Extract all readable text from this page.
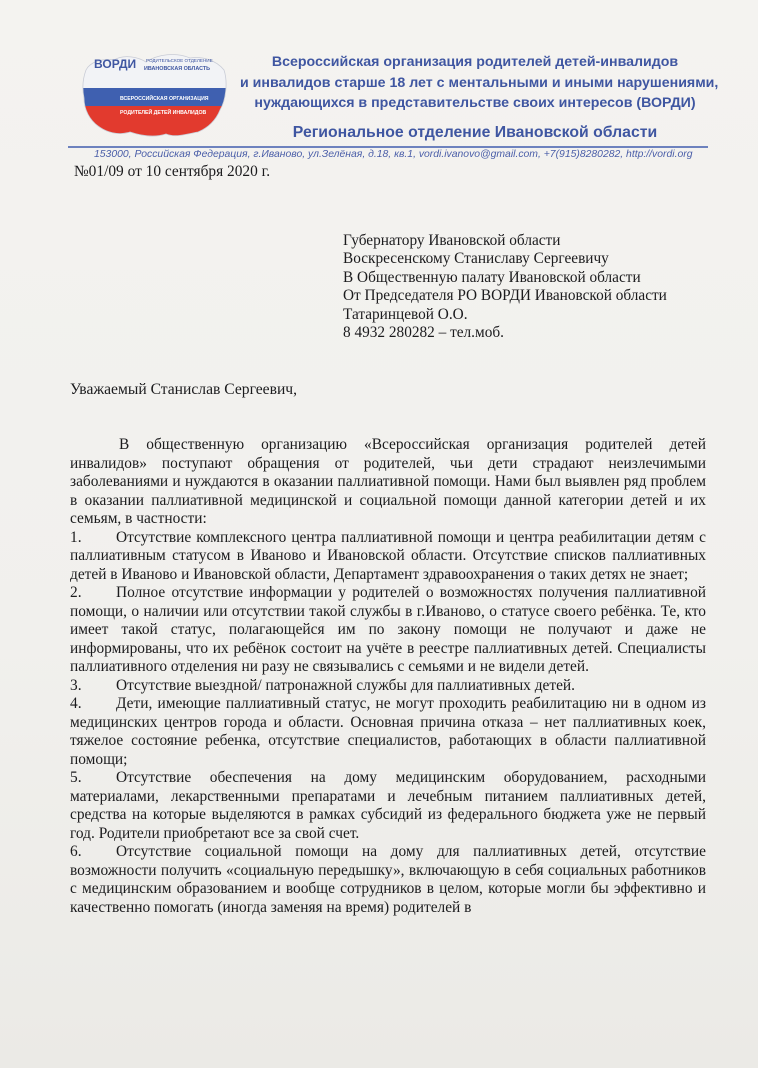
ВОРДИ РОДИТЕЛЬСКОЕ ОТДЕЛЕНИЕ
ИВАНОВСКАЯ ОБЛАСТЬ
ВСЕРОССИЙСКАЯ ОРГАНИЗАЦИЯ
РОДИТЕЛЕЙ ДЕТЕЙ ИНВАЛИДОВ
Всероссийская организация родителей детей-инвалидов
и инвалидов старше 18 лет с ментальными и иными нарушениями,
нуждающихся в представительстве своих интересов (ВОРДИ)
Региональное отделение Ивановской области
153000, Российская Федерация, г.Иваново, ул.Зелёная, д.18, кв.1, vordi.ivanovo@gmail.com, +7(915)8280282, http://vordi.org
№01/09 от 10 сентября 2020 г.
Губернатору Ивановской области
Воскресенскому Станиславу Сергеевичу
В Общественную палату Ивановской области
От Председателя РО ВОРДИ Ивановской области
Татаринцевой О.О.
8 4932 280282 – тел.моб.
Уважаемый Станислав Сергеевич,

В общественную организацию «Всероссийская организация родителей детей инвалидов» поступают обращения от родителей, чьи дети страдают неизлечимыми заболеваниями и нуждаются в оказании паллиативной помощи. Нами был выявлен ряд проблем в оказании паллиативной медицинской и социальной помощи данной категории детей и их семьям, в частности:

1. Отсутствие комплексного центра паллиативной помощи и центра реабилитации детям с паллиативным статусом в Иваново и Ивановской области. Отсутствие списков паллиативных детей в Иваново и Ивановской области, Департамент здравоохранения о таких детях не знает;

2. Полное отсутствие информации у родителей о возможностях получения паллиативной помощи, о наличии или отсутствии такой службы в г.Иваново, о статусе своего ребёнка. Те, кто имеет такой статус, полагающейся им по закону помощи не получают и даже не информированы, что их ребёнок состоит на учёте в реестре паллиативных детей. Специалисты паллиативного отделения ни разу не связывались с семьями и не видели детей.

3. Отсутствие выездной/ патронажной службы для паллиативных детей.

4. Дети, имеющие паллиативный статус, не могут проходить реабилитацию ни в одном из медицинских центров города и области. Основная причина отказа – нет паллиативных коек, тяжелое состояние ребенка, отсутствие специалистов, работающих в области паллиативной помощи;

5. Отсутствие обеспечения на дому медицинским оборудованием, расходными материалами, лекарственными препаратами и лечебным питанием паллиативных детей, средства на которые выделяются в рамках субсидий из федерального бюджета уже не первый год. Родители приобретают все за свой счет.

6. Отсутствие социальной помощи на дому для паллиативных детей, отсутствие возможности получить «социальную передышку», включающую в себя социальных работников с медицинским образованием и вообще сотрудников в целом, которые могли бы эффективно и качественно помогать (иногда заменяя на время) родителей в
